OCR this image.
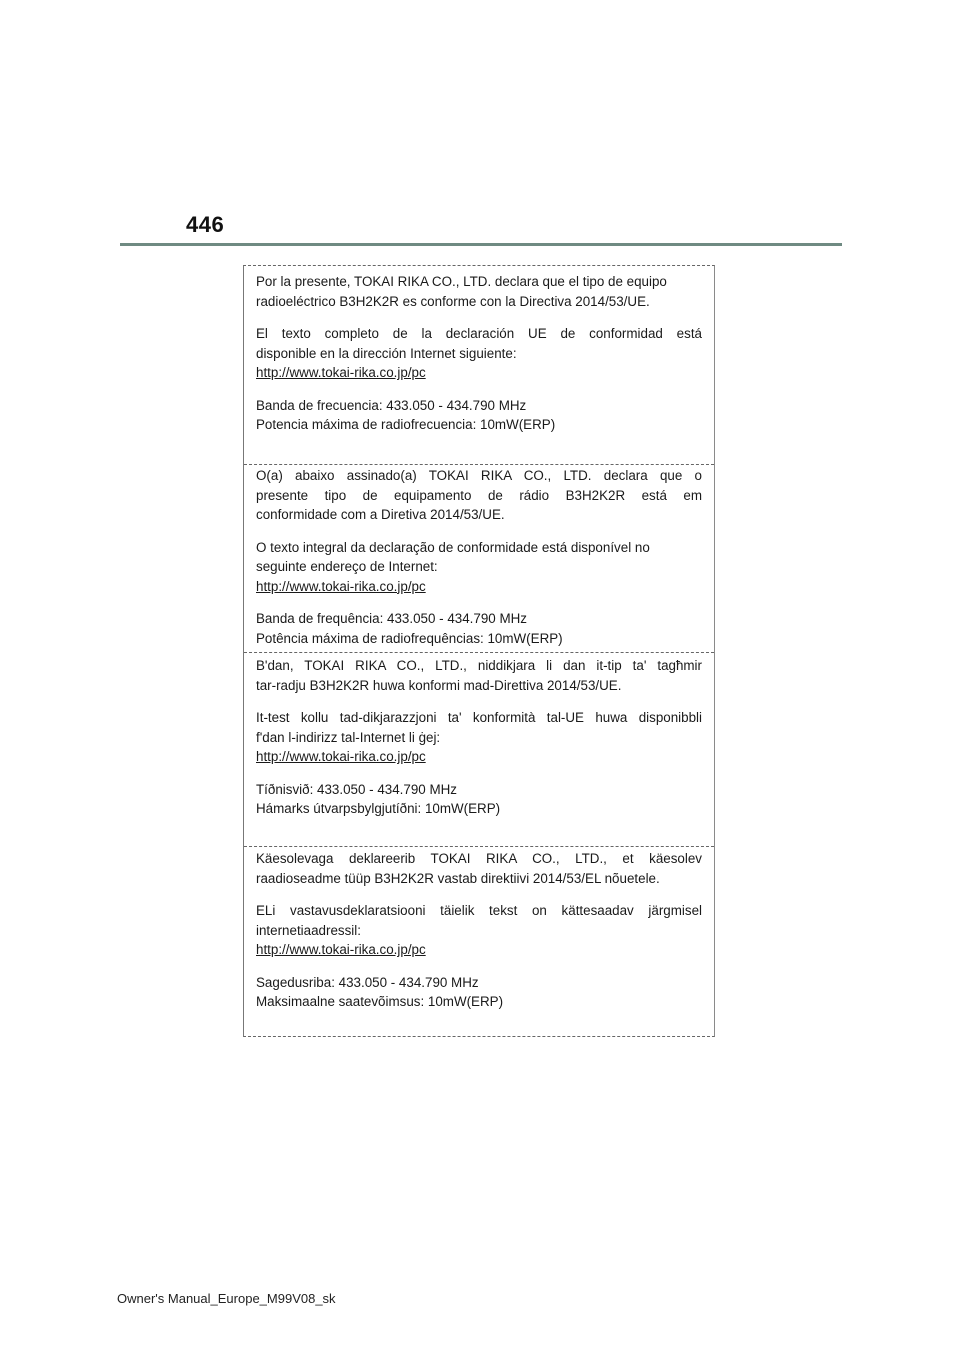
446

Por la presente, TOKAI RIKA CO., LTD. declara que el tipo de equipo

radioeléctrico B3H2K2R es conforme con la Directiva 2014/53/UE.

El texto completo de la declaración UE de conformidad está

disponible en la dirección Internet siguiente:

http://www.tokai-rika.co.jp/pc

Banda de frecuencia: 433.050 - 434.790 MHz

Potencia máxima de radiofrecuencia: 10mW(ERP)

O(a) abaixo assinado(a) TOKAI RIKA CO., LTD. declara que o

presente tipo de equipamento de rádio B3H2K2R está em

conformidade com a Diretiva 2014/53/UE.

O texto integral da declaração de conformidade está disponível no

seguinte endereço de Internet:

http://www.tokai-rika.co.jp/pc

Banda de frequência: 433.050 - 434.790 MHz

Potência máxima de radiofrequências: 10mW(ERP)

B'dan, TOKAI RIKA CO., LTD., niddikjara li dan it-tip ta' tagħmir

tar-radju B3H2K2R huwa konformi mad-Direttiva 2014/53/UE.

It-test kollu tad-dikjarazzjoni ta' konformità tal-UE huwa disponibbli

f'dan l-indirizz tal-Internet li ġej:

http://www.tokai-rika.co.jp/pc

Tíðnisvið: 433.050 - 434.790 MHz

Hámarks útvarpsbylgjutíðni: 10mW(ERP)

Käesolevaga deklareerib TOKAI RIKA CO., LTD., et käesolev

raadioseadme tüüp B3H2K2R vastab direktiivi 2014/53/EL nõuetele.

ELi vastavusdeklaratsiooni täielik tekst on kättesaadav järgmisel

internetiaadressil:

http://www.tokai-rika.co.jp/pc

Sagedusriba: 433.050 - 434.790 MHz

Maksimaalne saatevõimsus: 10mW(ERP)

Owner's Manual_Europe_M99V08_sk
